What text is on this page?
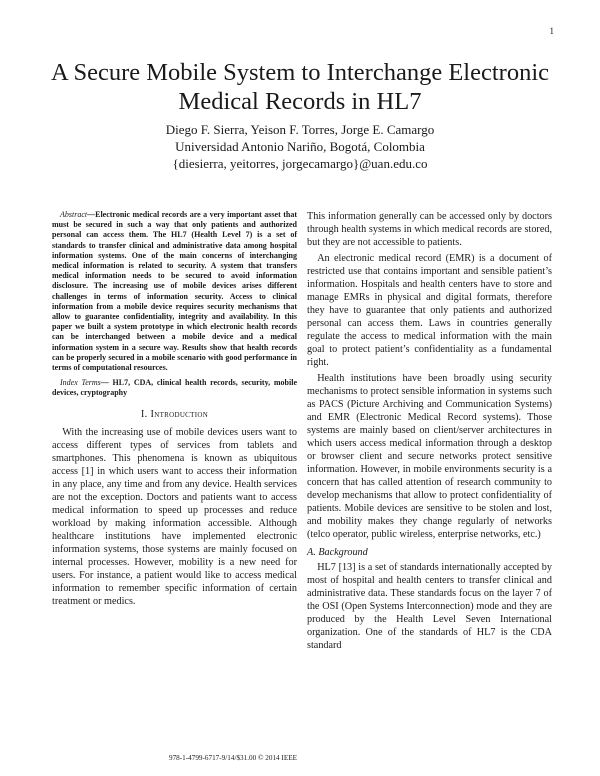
1
A Secure Mobile System to Interchange Electronic
Medical Records in HL7
Diego F. Sierra, Yeison F. Torres, Jorge E. Camargo
Universidad Antonio Nariño, Bogotá, Colombia
{diesierra, yeitorres, jorgecamargo}@uan.edu.co

Abstract—Electronic medical records are a very important asset that must be secured in such a way that only patients and authorized personal can access them. The HL7 (Health Level 7) is a set of standards to transfer clinical and administrative data among hospital information systems. One of the main concerns of interchanging medical information is related to security. A system that transfers medical information needs to be secured to avoid information disclosure. The increasing use of mobile devices arises different challenges in terms of information security. Access to clinical information from a mobile device requires security mechanisms that allow to guarantee confidentiality, integrity and availability. In this paper we built a system prototype in which electronic health records can be interchanged between a mobile device and a medical information system in a secure way. Results show that health records can be properly secured in a mobile scenario with good performance in terms of computational resources.

Index Terms— HL7, CDA, clinical health records, security, mobile devices, cryptography

I. Introduction

With the increasing use of mobile devices users want to access different types of services from tablets and smartphones. This phenomena is known as ubiquitous access [1] in which users want to access their information in any place, any time and from any device. Health services are not the exception. Doctors and patients want to access medical information to speed up processes and reduce workload by making information accessible. Although healthcare institutions have implemented electronic information systems, those systems are mainly focused on internal processes. However, mobility is a new need for users. For instance, a patient would like to access medical information to remember specific information of certain treatment or medics.

This information generally can be accessed only by doctors through health systems in which medical records are stored, but they are not accessible to patients.

An electronic medical record (EMR) is a document of restricted use that contains important and sensible patient’s information. Hospitals and health centers have to store and manage EMRs in physical and digital formats, therefore they have to guarantee that only patients and authorized personal can access them. Laws in countries generally regulate the access to medical information with the main goal to protect patient’s confidentiality as a fundamental right.

Health institutions have been broadly using security mechanisms to protect sensible information in systems such as PACS (Picture Archiving and Communication Systems) and EMR (Electronic Medical Record systems). Those systems are mainly based on client/server architectures in which users access medical information through a desktop or browser client and secure networks protect sensitive information. However, in mobile environments security is a concern that has called attention of research community to develop mechanisms that allow to protect confidentiality of patients. Mobile devices are sensitive to be stolen and lost, and mobility makes they change regularly of networks (telco operator, public wireless, enterprise networks, etc.)

A. Background

HL7 [13] is a set of standards internationally accepted by most of hospital and health centers to transfer clinical and administrative data. These standards focus on the layer 7 of the OSI (Open Systems Interconnection) mode and they are produced by the Health Level Seven International organization. One of the standards of HL7 is the CDA standard

978-1-4799-6717-9/14/$31.00 © 2014 IEEE
